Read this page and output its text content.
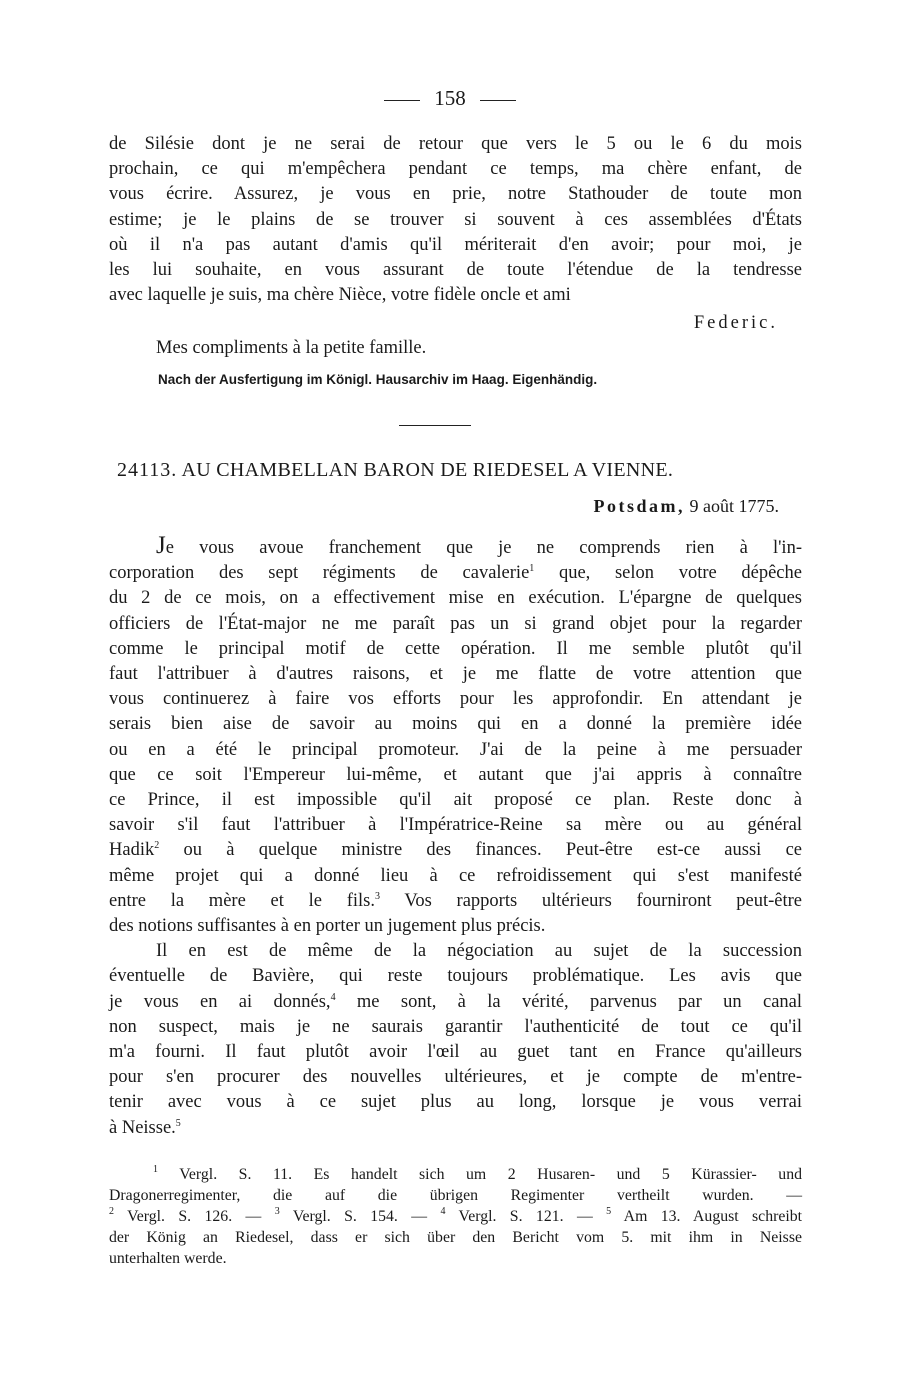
158
de Silésie dont je ne serai de retour que vers le 5 ou le 6 du mois
prochain, ce qui m'empêchera pendant ce temps, ma chère enfant, de
vous écrire. Assurez, je vous en prie, notre Stathouder de toute mon
estime; je le plains de se trouver si souvent à ces assemblées d'États
où il n'a pas autant d'amis qu'il mériterait d'en avoir; pour moi, je
les lui souhaite, en vous assurant de toute l'étendue de la tendresse
avec laquelle je suis, ma chère Nièce, votre fidèle oncle et ami
Federic.
Mes compliments à la petite famille.
Nach der Ausfertigung im Königl. Hausarchiv im Haag. Eigenhändig.
24113. AU CHAMBELLAN BARON DE RIEDESEL A VIENNE.
Potsdam, 9 août 1775.
Je vous avoue franchement que je ne comprends rien à l'in-
corporation des sept régiments de cavalerie$^1$ que, selon votre dépêche
du 2 de ce mois, on a effectivement mise en exécution. L'épargne de quelques
officiers de l'État-major ne me paraît pas un si grand objet pour la regarder
comme le principal motif de cette opération. Il me semble plutôt qu'il
faut l'attribuer à d'autres raisons, et je me flatte de votre attention que
vous continuerez à faire vos efforts pour les approfondir. En attendant je
serais bien aise de savoir au moins qui en a donné la première idée
ou en a été le principal promoteur. J'ai de la peine à me persuader
que ce soit l'Empereur lui-même, et autant que j'ai appris à connaître
ce Prince, il est impossible qu'il ait proposé ce plan. Reste donc à
savoir s'il faut l'attribuer à l'Impératrice-Reine sa mère ou au général
Hadik$^2$ ou à quelque ministre des finances. Peut-être est-ce aussi ce
même projet qui a donné lieu à ce refroidissement qui s'est manifesté
entre la mère et le fils.$^3$ Vos rapports ultérieurs fourniront peut-être
des notions suffisantes à en porter un jugement plus précis.
Il en est de même de la négociation au sujet de la succession
éventuelle de Bavière, qui reste toujours problématique. Les avis que
je vous en ai donnés,$^4$ me sont, à la vérité, parvenus par un canal
non suspect, mais je ne saurais garantir l'authenticité de tout ce qu'il
m'a fourni. Il faut plutôt avoir l'œil au guet tant en France qu'ailleurs
pour s'en procurer des nouvelles ultérieures, et je compte de m'entre-
tenir avec vous à ce sujet plus au long, lorsque je vous verrai
à Neisse.$^5$
$^1$ Vergl. S. 11. Es handelt sich um 2 Husaren- und 5 Kürassier- und
Dragonerregimenter, die auf die übrigen Regimenter vertheilt wurden. —
$^2$ Vergl. S. 126. — $^3$ Vergl. S. 154. — $^4$ Vergl. S. 121. — $^5$ Am 13. August schreibt
der König an Riedesel, dass er sich über den Bericht vom 5. mit ihm in Neisse
unterhalten werde.
